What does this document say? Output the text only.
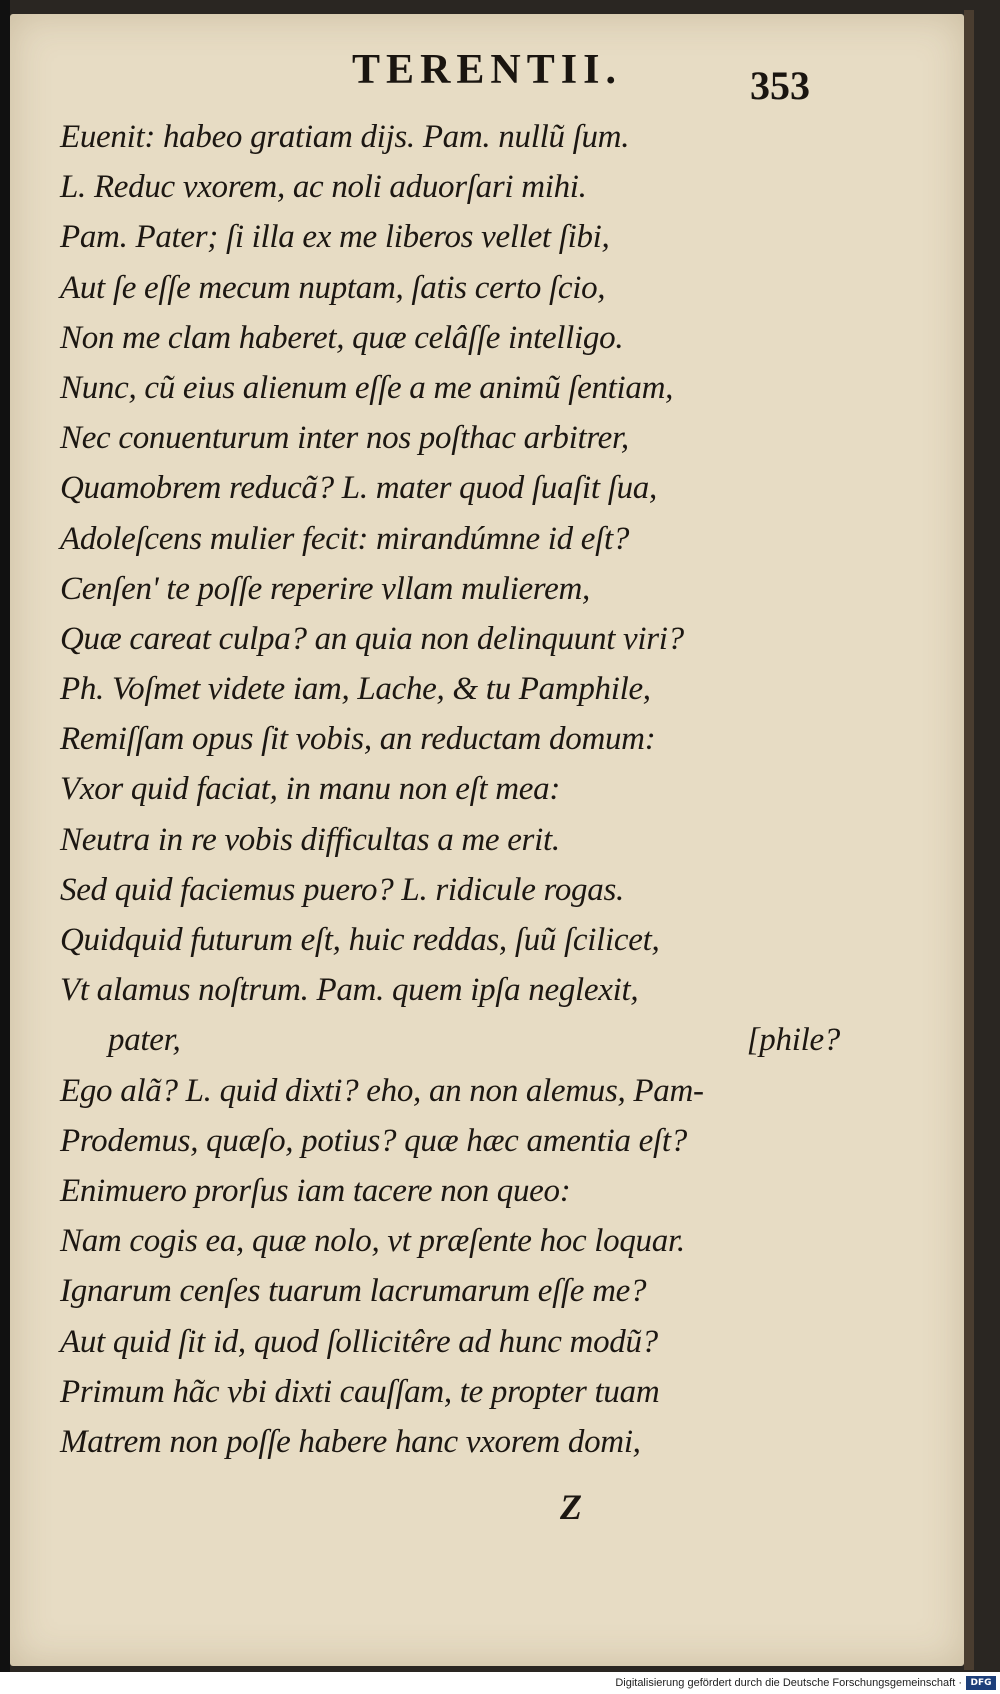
TERENTII.	353
Euenit: habeo gratiam dijs. Pam. nullũ ſum.
L. Reduc vxorem, ac noli aduorſari mihi.
Pam. Pater; ſi illa ex me liberos vellet ſibi,
Aut ſe eſſe mecum nuptam, ſatis certo ſcio,
Non me clam haberet, quæ celâſſe intelligo.
Nunc, cũ eius alienum eſſe a me animũ ſentiam,
Nec conuenturum inter nos poſthac arbitrer,
Quamobrem reducã? L. mater quod ſuaſit ſua,
Adoleſcens mulier fecit: mirandúmne id eſt?
Cenſen' te poſſe reperire vllam mulierem,
Quæ careat culpa? an quia non delinquunt viri?
Ph. Voſmet videte iam, Lache, & tu Pamphile,
Remiſſam opus ſit vobis, an reductam domum:
Vxor quid faciat, in manu non eſt mea:
Neutra in re vobis difficultas a me erit.
Sed quid faciemus puero? L. ridicule rogas.
Quidquid futurum eſt, huic reddas, ſuũ ſcilicet,
Vt alamus noſtrum. Pam. quem ipſa neglexit,
pater,	[phile?
Ego alã? L. quid dixti? eho, an non alemus, Pam-
Prodemus, quæſo, potius? quæ hæc amentia eſt?
Enimuero prorſus iam tacere non queo:
Nam cogis ea, quæ nolo, vt præſente hoc loquar.
Ignarum cenſes tuarum lacrumarum eſſe me?
Aut quid ſit id, quod ſollicitêre ad hunc modũ?
Primum hãc vbi dixti cauſſam, te propter tuam
Matrem non poſſe habere hanc vxorem domi,
Z
Digitalisierung gefördert durch die Deutsche Forschungsgemeinschaft · DFG
